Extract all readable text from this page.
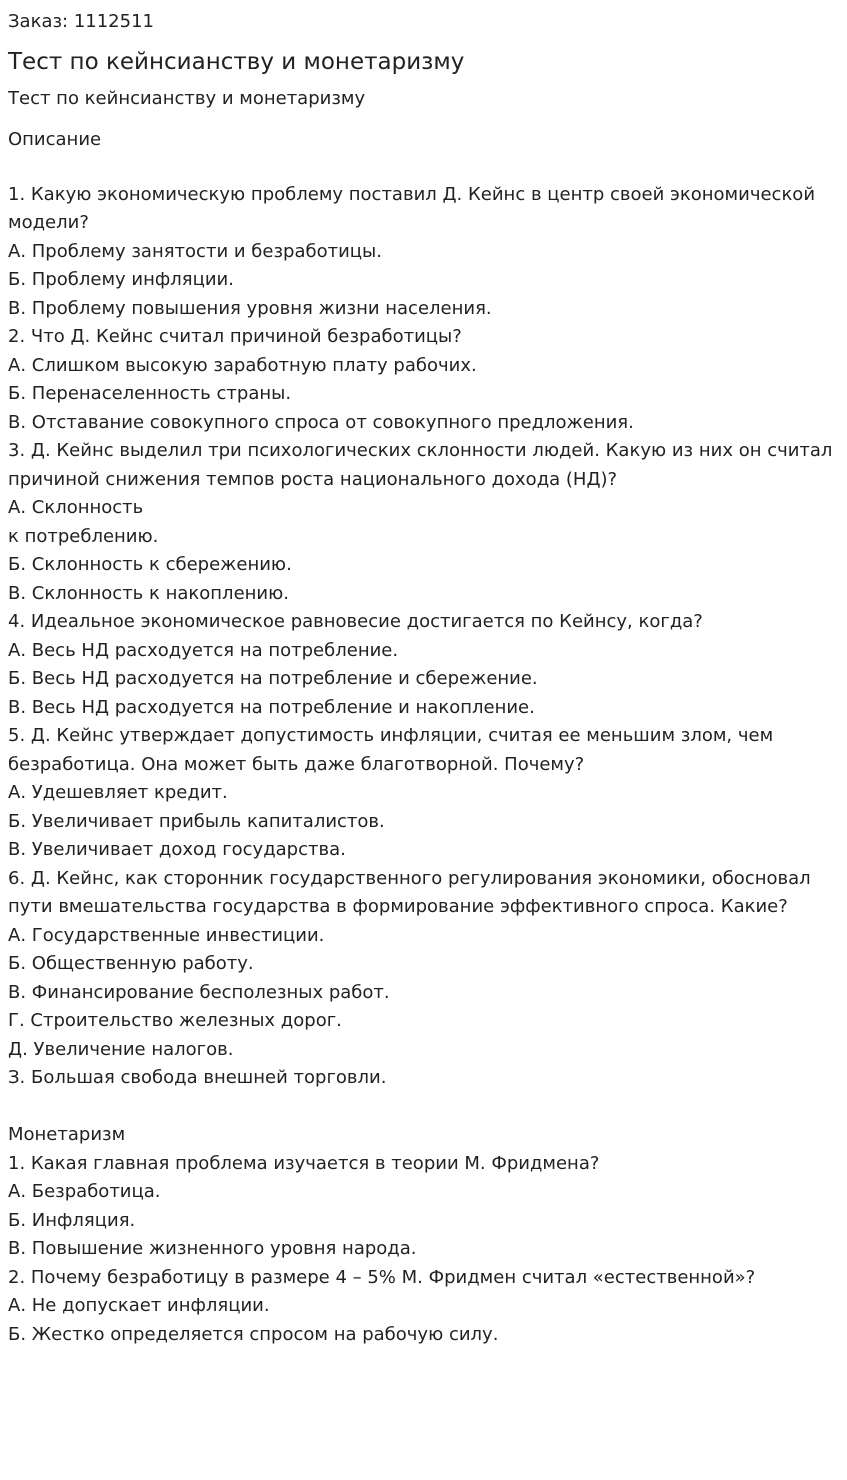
Заказ: 1112511
Тест по кейнсианству и монетаризму
Тест по кейнсианству и монетаризму
Описание
1. Какую экономическую проблему поставил Д. Кейнс в центр своей экономической модели?
А. Проблему занятости и безработицы.
Б. Проблему инфляции.
В. Проблему повышения уровня жизни населения.
2. Что Д. Кейнс считал причиной безработицы?
А. Слишком высокую заработную плату рабочих.
Б. Перенаселенность страны.
В. Отставание совокупного спроса от совокупного предложения.
3. Д. Кейнс выделил три психологических склонности людей. Какую из них он считал причиной снижения темпов роста национального дохода (НД)?
А. Склонность
к потреблению.
Б. Склонность к сбережению.
В. Склонность к накоплению.
4. Идеальное экономическое равновесие достигается по Кейнсу, когда?
А. Весь НД расходуется на потребление.
Б. Весь НД расходуется на потребление и сбережение.
В. Весь НД расходуется на потребление и накопление.
5. Д. Кейнс утверждает допустимость инфляции, считая ее меньшим злом, чем безработица. Она может быть даже благотворной. Почему?
А. Удешевляет кредит.
Б. Увеличивает прибыль капиталистов.
В. Увеличивает доход государства.
6. Д. Кейнс, как сторонник государственного регулирования экономики, обосновал пути вмешательства государства в формирование эффективного спроса. Какие?
А. Государственные инвестиции.
Б. Общественную работу.
В. Финансирование бесполезных работ.
Г. Строительство железных дорог.
Д. Увеличение налогов.
З. Большая свобода внешней торговли.
Монетаризм
1. Какая главная проблема изучается в теории М. Фридмена?
А. Безработица.
Б. Инфляция.
В. Повышение жизненного уровня народа.
2. Почему безработицу в размере 4 – 5% М. Фридмен считал «естественной»?
А. Не допускает инфляции.
Б. Жестко определяется спросом на рабочую силу.
